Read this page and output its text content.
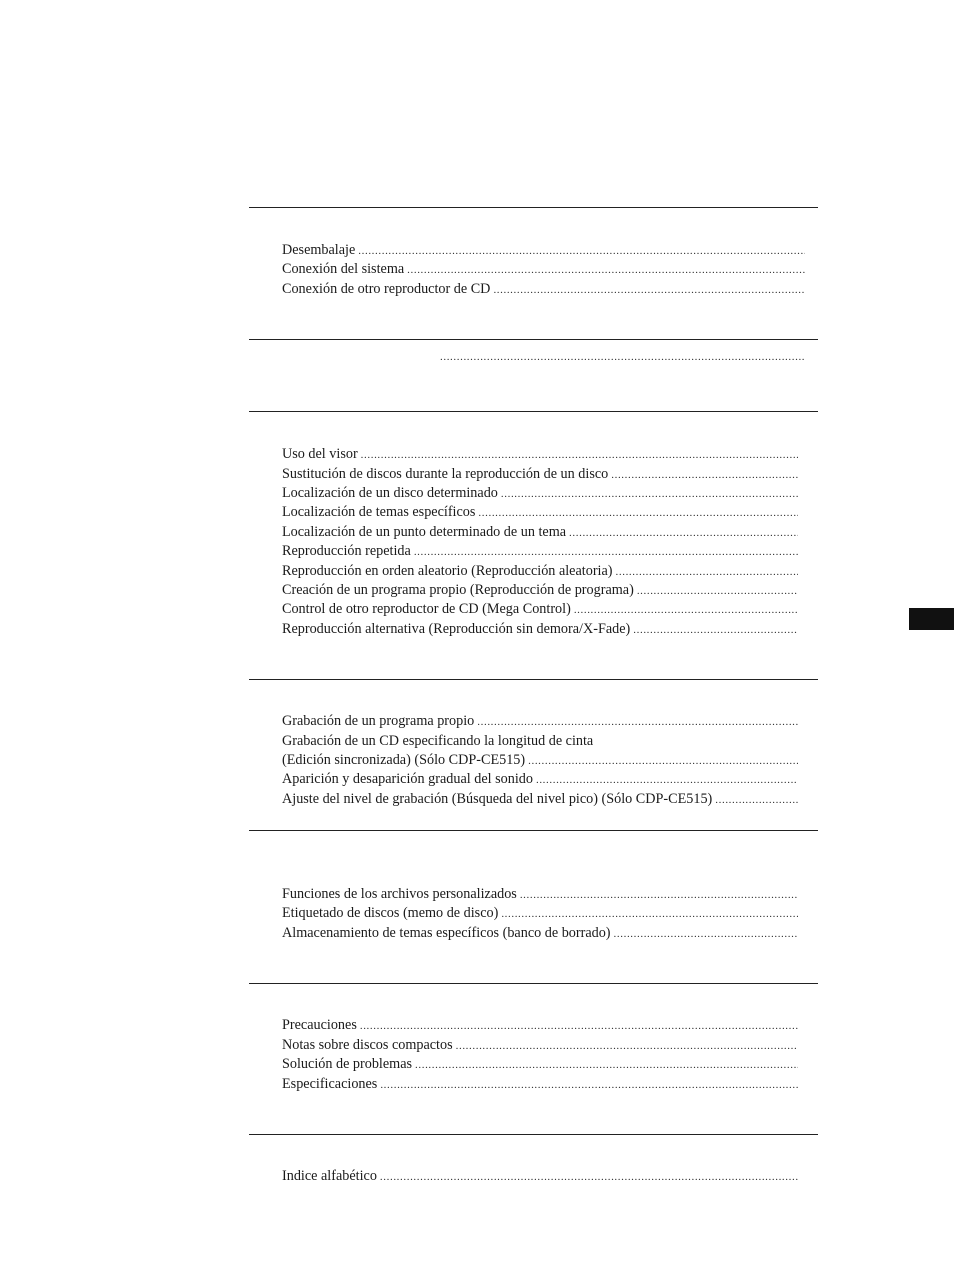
Desembalaje
.....
Conexión del sistema
.....
Conexión de otro reproductor de CD
.....
.....
Uso del visor
.....
Sustitución de discos durante la reproducción de un disco
.....
Localización de un disco determinado
.....
Localización de temas específicos
.....
Localización de un punto determinado de un tema
.....
Reproducción repetida
.....
Reproducción en orden aleatorio (Reproducción aleatoria)
.....
Creación de un programa propio (Reproducción de programa)
.....
Control de otro reproductor de CD (Mega Control)
.....
Reproducción alternativa (Reproducción sin demora/X-Fade)
.....
Grabación de un programa propio
.....
Grabación de un CD especificando la longitud de cinta
(Edición sincronizada) (Sólo CDP-CE515)
.....
Aparición y desaparición gradual del sonido
.....
Ajuste del nivel de grabación (Búsqueda del nivel pico) (Sólo CDP-CE515)
.....
Funciones de los archivos personalizados
.....
Etiquetado de discos (memo de disco)
.....
Almacenamiento de temas específicos (banco de borrado)
.....
Precauciones
.....
Notas sobre discos compactos
.....
Solución de problemas
.....
Especificaciones
.....
Indice alfabético
.....
